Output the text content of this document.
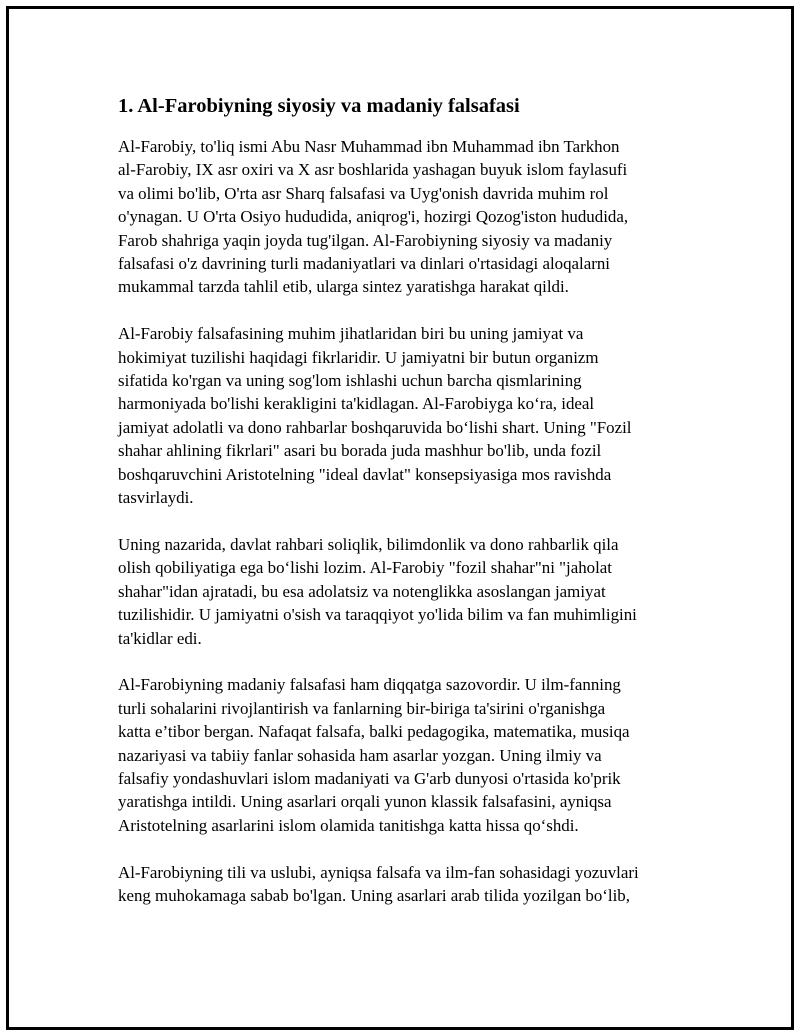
1. Al-Farobiyning siyosiy va madaniy falsafasi

Al-Farobiy, to'liq ismi Abu Nasr Muhammad ibn Muhammad ibn Tarkhon
al-Farobiy, IX asr oxiri va X asr boshlarida yashagan buyuk islom faylasufi
va olimi bo'lib, O'rta asr Sharq falsafasi va Uyg'onish davrida muhim rol
o'ynagan. U O'rta Osiyo hududida, aniqrog'i, hozirgi Qozog'iston hududida,
Farob shahriga yaqin joyda tug'ilgan. Al-Farobiyning siyosiy va madaniy
falsafasi o'z davrining turli madaniyatlari va dinlari o'rtasidagi aloqalarni
mukammal tarzda tahlil etib, ularga sintez yaratishga harakat qildi.

Al-Farobiy falsafasining muhim jihatlaridan biri bu uning jamiyat va
hokimiyat tuzilishi haqidagi fikrlaridir. U jamiyatni bir butun organizm
sifatida ko'rgan va uning sog'lom ishlashi uchun barcha qismlarining
harmoniyada bo'lishi kerakligini ta'kidlagan. Al-Farobiyga ko‘ra, ideal
jamiyat adolatli va dono rahbarlar boshqaruvida bo‘lishi shart. Uning "Fozil
shahar ahlining fikrlari" asari bu borada juda mashhur bo'lib, unda fozil
boshqaruvchini Aristotelning "ideal davlat" konsepsiyasiga mos ravishda
tasvirlaydi.

Uning nazarida, davlat rahbari soliqlik, bilimdonlik va dono rahbarlik qila
olish qobiliyatiga ega bo‘lishi lozim. Al-Farobiy "fozil shahar"ni "jaholat
shahar"idan ajratadi, bu esa adolatsiz va notenglikka asoslangan jamiyat
tuzilishidir. U jamiyatni o'sish va taraqqiyot yo'lida bilim va fan muhimligini
ta'kidlar edi.

Al-Farobiyning madaniy falsafasi ham diqqatga sazovordir. U ilm-fanning
turli sohalarini rivojlantirish va fanlarning bir-biriga ta'sirini o'rganishga
katta e’tibor bergan. Nafaqat falsafa, balki pedagogika, matematika, musiqa
nazariyasi va tabiiy fanlar sohasida ham asarlar yozgan. Uning ilmiy va
falsafiy yondashuvlari islom madaniyati va G'arb dunyosi o'rtasida ko'prik
yaratishga intildi. Uning asarlari orqali yunon klassik falsafasini, ayniqsa
Aristotelning asarlarini islom olamida tanitishga katta hissa qo‘shdi.

Al-Farobiyning tili va uslubi, ayniqsa falsafa va ilm-fan sohasidagi yozuvlari
keng muhokamaga sabab bo'lgan. Uning asarlari arab tilida yozilgan bo‘lib,
